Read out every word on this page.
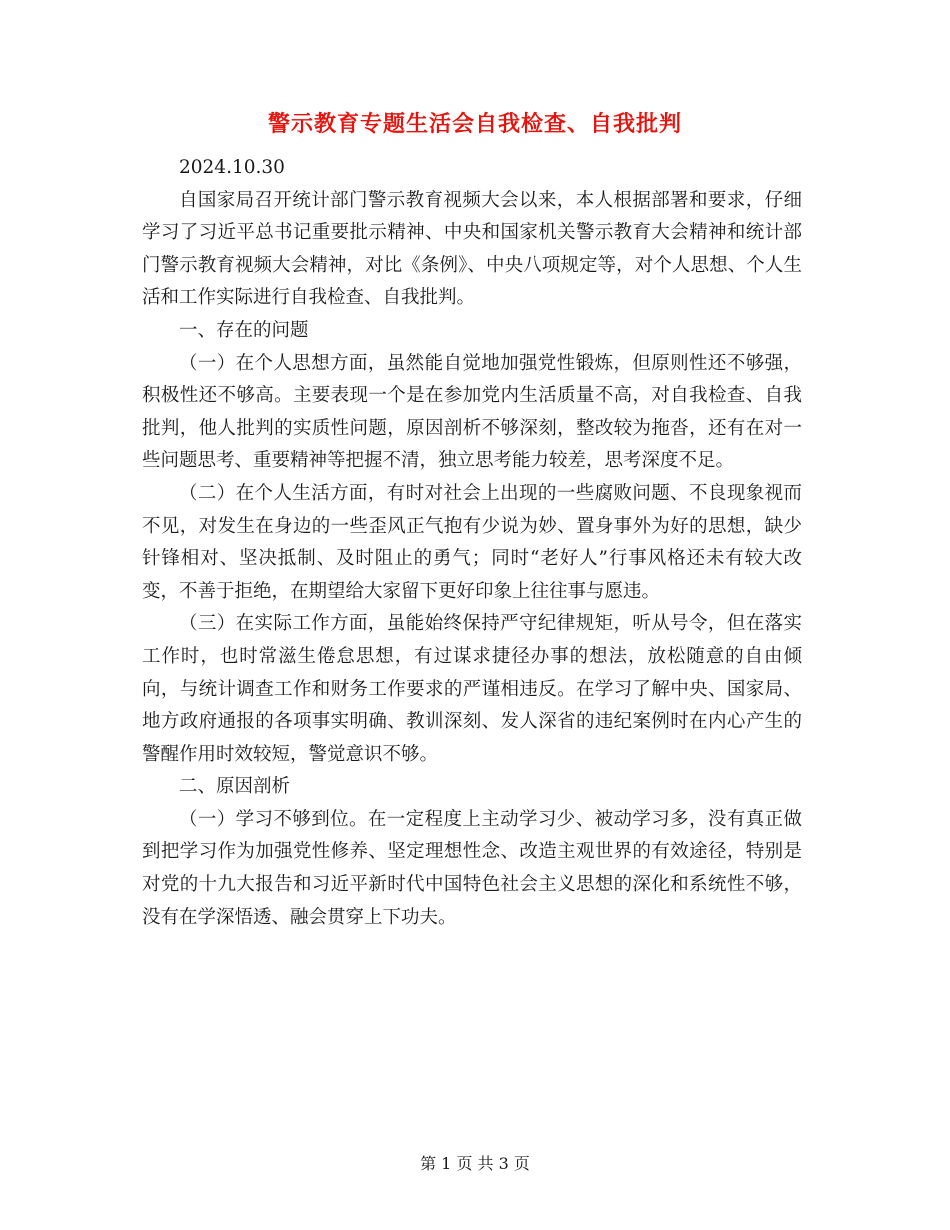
警示教育专题生活会自我检查、自我批判

2024.10.30

自国家局召开统计部门警示教育视频大会以来，本人根据部署和要求，仔细学习了习近平总书记重要批示精神、中央和国家机关警示教育大会精神和统计部门警示教育视频大会精神，对比《条例》、中央八项规定等，对个人思想、个人生活和工作实际进行自我检查、自我批判。

一、存在的问题

（一）在个人思想方面，虽然能自觉地加强党性锻炼，但原则性还不够强，积极性还不够高。主要表现一个是在参加党内生活质量不高，对自我检查、自我批判，他人批判的实质性问题，原因剖析不够深刻，整改较为拖沓，还有在对一些问题思考、重要精神等把握不清，独立思考能力较差，思考深度不足。

（二）在个人生活方面，有时对社会上出现的一些腐败问题、不良现象视而不见，对发生在身边的一些歪风正气抱有少说为妙、置身事外为好的思想，缺少针锋相对、坚决抵制、及时阻止的勇气；同时“老好人”行事风格还未有较大改变，不善于拒绝，在期望给大家留下更好印象上往往事与愿违。

（三）在实际工作方面，虽能始终保持严守纪律规矩，听从号令，但在落实工作时，也时常滋生倦怠思想，有过谋求捷径办事的想法，放松随意的自由倾向，与统计调查工作和财务工作要求的严谨相违反。在学习了解中央、国家局、地方政府通报的各项事实明确、教训深刻、发人深省的违纪案例时在内心产生的警醒作用时效较短，警觉意识不够。

二、原因剖析

（一）学习不够到位。在一定程度上主动学习少、被动学习多，没有真正做到把学习作为加强党性修养、坚定理想性念、改造主观世界的有效途径，特别是对党的十九大报告和习近平新时代中国特色社会主义思想的深化和系统性不够，没有在学深悟透、融会贯穿上下功夫。

第 1 页 共 3 页
